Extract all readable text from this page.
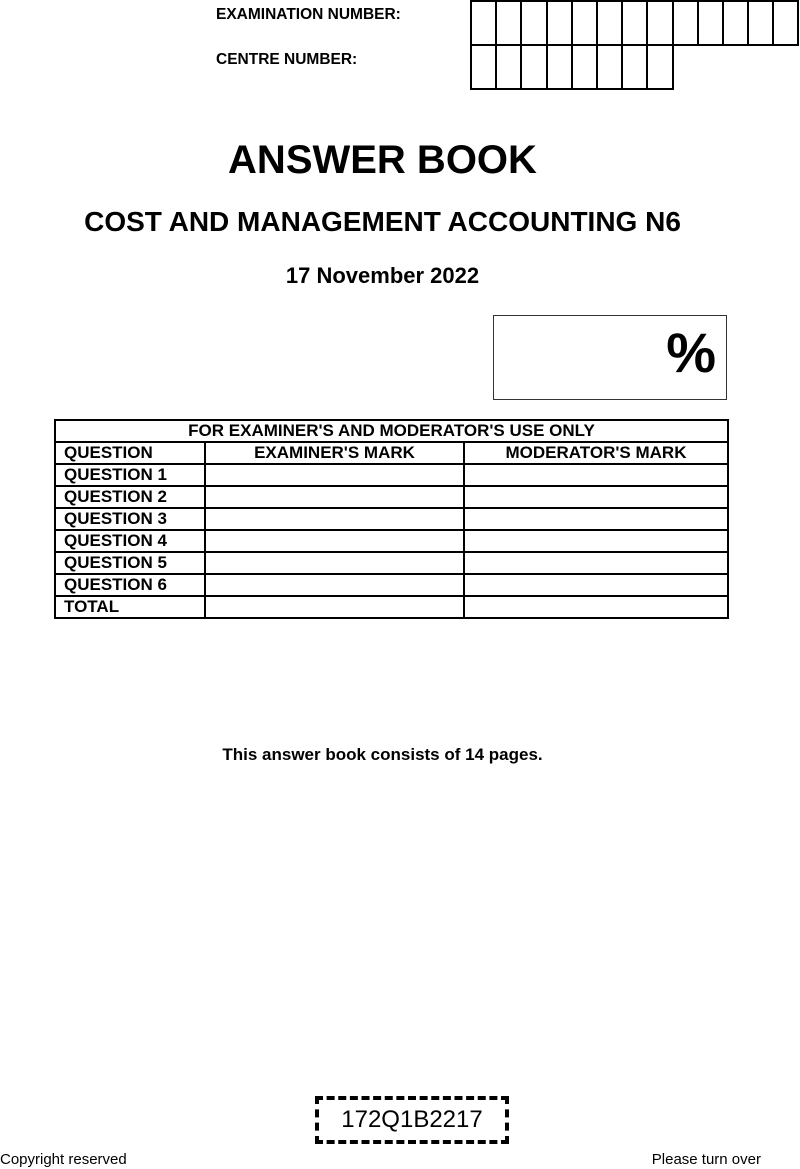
EXAMINATION NUMBER:
CENTRE NUMBER:
ANSWER BOOK
COST AND MANAGEMENT ACCOUNTING N6
17 November 2022
%
FOR EXAMINER'S AND MODERATOR'S USE ONLY		
QUESTION	EXAMINER'S MARK	MODERATOR'S MARK
QUESTION 1		
QUESTION 2		
QUESTION 3		
QUESTION 4		
QUESTION 5		
QUESTION 6		
TOTAL		
This answer book consists of 14 pages.
172Q1B2217
Copyright reserved	Please turn over
